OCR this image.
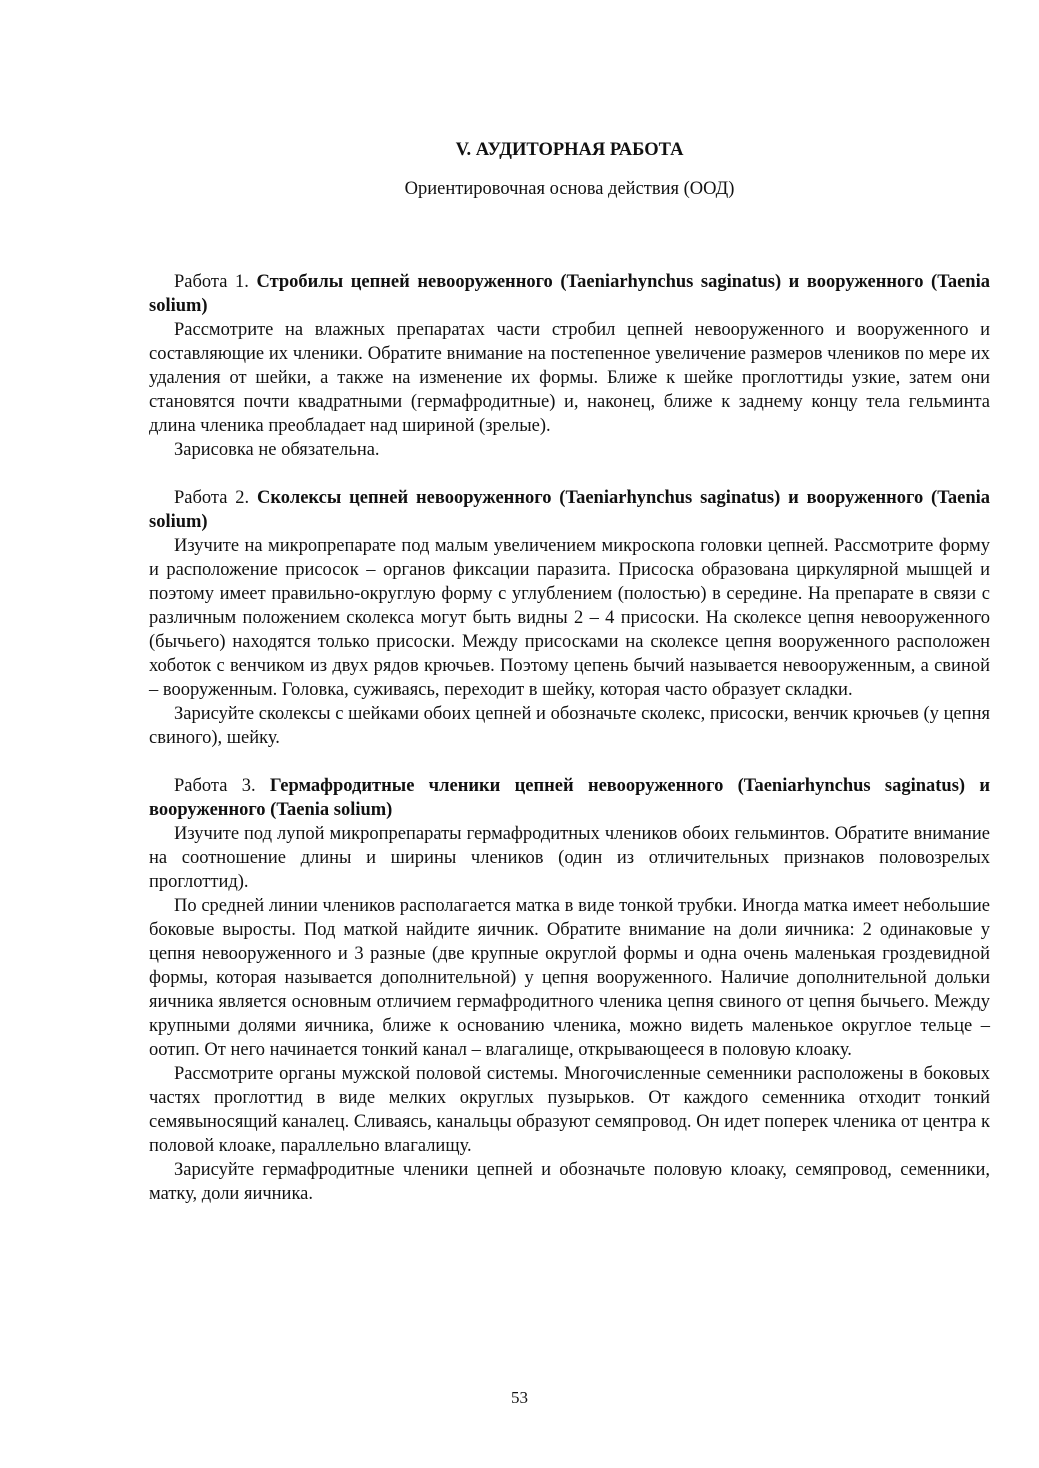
V. АУДИТОРНАЯ РАБОТА
Ориентировочная основа действия (ООД)
Работа 1. Стробилы цепней невооруженного (Taeniarhynchus saginatus) и вооруженного (Taenia solium)

Рассмотрите на влажных препаратах части стробил цепней невооруженного и вооруженного и составляющие их членики. Обратите внимание на постепенное увеличение размеров члеников по мере их удаления от шейки, а также на изменение их формы. Ближе к шейке проглоттиды узкие, затем они становятся почти квадратными (гермафродитные) и, наконец, ближе к заднему концу тела гельминта длина членика преобладает над шириной (зрелые).

Зарисовка не обязательна.

Работа 2. Сколексы цепней невооруженного (Taeniarhynchus saginatus) и вооруженного (Taenia solium)

Изучите на микропрепарате под малым увеличением микроскопа головки цепней. Рассмотрите форму и расположение присосок – органов фиксации паразита. Присоска образована циркулярной мышцей и поэтому имеет правильно-округлую форму с углублением (полостью) в середине. На препарате в связи с различным положением сколекса могут быть видны 2 – 4 присоски. На сколексе цепня невооруженного (бычьего) находятся только присоски. Между присосками на сколексе цепня вооруженного расположен хоботок с венчиком из двух рядов крючьев. Поэтому цепень бычий называется невооруженным, а свиной – вооруженным. Головка, суживаясь, переходит в шейку, которая часто образует складки.

Зарисуйте сколексы с шейками обоих цепней и обозначьте сколекс, присоски, венчик крючьев (у цепня свиного), шейку.

Работа 3. Гермафродитные членики цепней невооруженного (Taeniarhynchus saginatus) и вооруженного (Taenia solium)

Изучите под лупой микропрепараты гермафродитных члеников обоих гельминтов. Обратите внимание на соотношение длины и ширины члеников (один из отличительных признаков половозрелых проглоттид).

По средней линии члеников располагается матка в виде тонкой трубки. Иногда матка имеет небольшие боковые выросты. Под маткой найдите яичник. Обратите внимание на доли яичника: 2 одинаковые у цепня невооруженного и 3 разные (две крупные округлой формы и одна очень маленькая гроздевидной формы, которая называется дополнительной) у цепня вооруженного. Наличие дополнительной дольки яичника является основным отличием гермафродитного членика цепня свиного от цепня бычьего. Между крупными долями яичника, ближе к основанию членика, можно видеть маленькое округлое тельце – оотип. От него начинается тонкий канал – влагалище, открывающееся в половую клоаку.

Рассмотрите органы мужской половой системы. Многочисленные семенники расположены в боковых частях проглоттид в виде мелких округлых пузырьков. От каждого семенника отходит тонкий семявыносящий каналец. Сливаясь, канальцы образуют семяпровод. Он идет поперек членика от центра к половой клоаке, параллельно влагалищу.

Зарисуйте гермафродитные членики цепней и обозначьте половую клоаку, семяпровод, семенники, матку, доли яичника.

53
